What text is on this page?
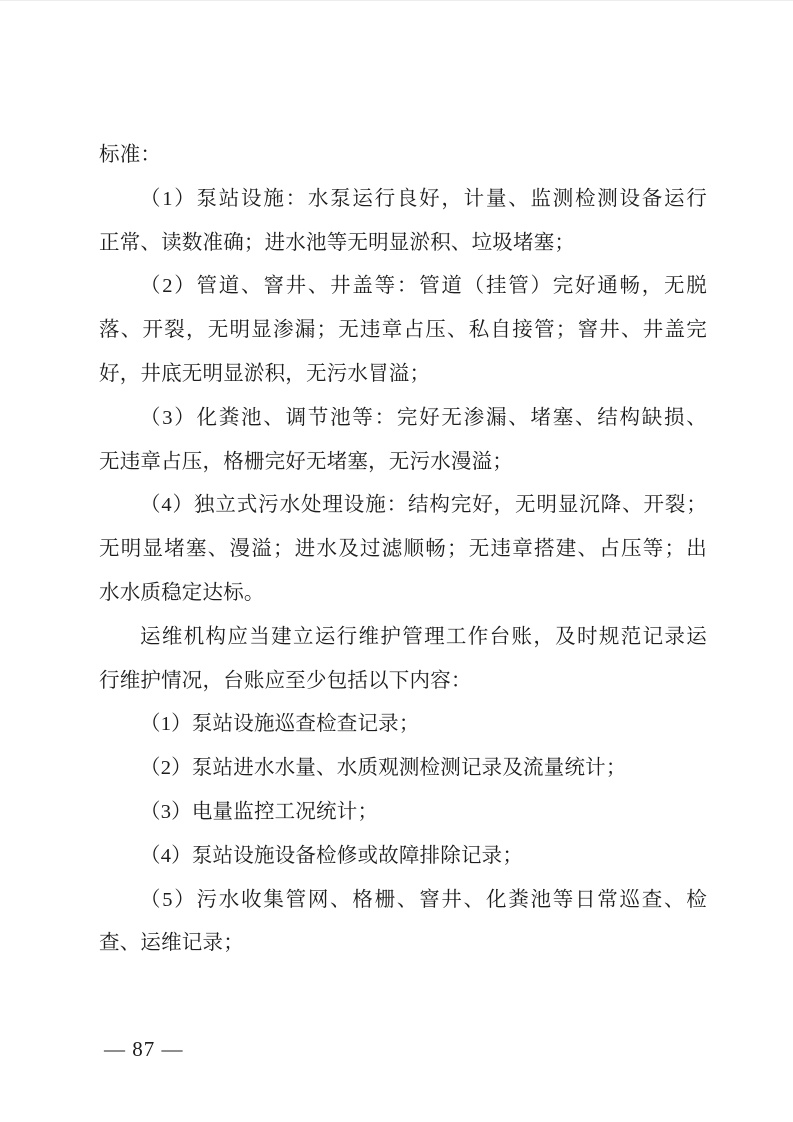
标准：
（1）泵站设施：水泵运行良好，计量、监测检测设备运行
正常、读数准确；进水池等无明显淤积、垃圾堵塞；
（2）管道、窨井、井盖等：管道（挂管）完好通畅，无脱
落、开裂，无明显渗漏；无违章占压、私自接管；窨井、井盖完
好，井底无明显淤积，无污水冒溢；
（3）化粪池、调节池等：完好无渗漏、堵塞、结构缺损、
无违章占压，格栅完好无堵塞，无污水漫溢；
（4）独立式污水处理设施：结构完好，无明显沉降、开裂；
无明显堵塞、漫溢；进水及过滤顺畅；无违章搭建、占压等；出
水水质稳定达标。
运维机构应当建立运行维护管理工作台账，及时规范记录运
行维护情况，台账应至少包括以下内容：
（1）泵站设施巡查检查记录；
（2）泵站进水水量、水质观测检测记录及流量统计；
（3）电量监控工况统计；
（4）泵站设施设备检修或故障排除记录；
（5）污水收集管网、格栅、窨井、化粪池等日常巡查、检
查、运维记录；
— 87 —
